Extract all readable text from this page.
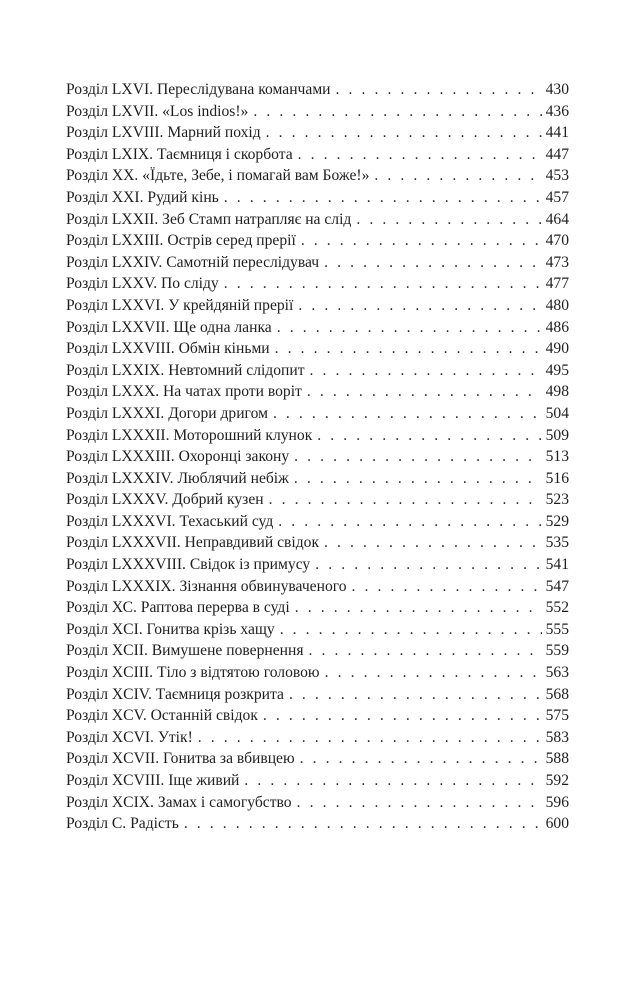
Розділ LXVI. Переслідувана команчами . . .	430
Розділ LXVII. «Los indios!» . . .	436
Розділ LXVIII. Марний похід . . .	441
Розділ LXIX. Таємниця і скорбота . . .	447
Розділ XX. «Їдьте, Зебе, і помагай вам Боже!» . . .	453
Розділ XXI. Рудий кінь . . .	457
Розділ LXXII. Зеб Стамп натрапляє на слід . . .	464
Розділ LXXIII. Острів серед прерії . . .	470
Розділ LXXIV. Самотній переслідувач . . .	473
Розділ LXXV. По сліду . . .	477
Розділ LXXVI. У крейдяній прерії . . .	480
Розділ LXXVII. Ще одна ланка . . .	486
Розділ LXXVIII. Обмін кіньми . . .	490
Розділ LXXIX. Невтомний слідопит . . .	495
Розділ LXXX. На чатах проти воріт . . .	498
Розділ LXXXI. Догори дригом . . .	504
Розділ LXXXII. Моторошний клунок . . .	509
Розділ LXXXIII. Охоронці закону . . .	513
Розділ LXXXIV. Люблячий небіж . . .	516
Розділ LXXXV. Добрий кузен . . .	523
Розділ LXXXVI. Техаський суд . . .	529
Розділ LXXXVII. Неправдивий свідок . . .	535
Розділ LXXXVIII. Свідок із примусу . . .	541
Розділ LXXXIX. Зізнання обвинуваченого . . .	547
Розділ ХС. Раптова перерва в суді . . .	552
Розділ XCI. Гонитва крізь хащу . . .	555
Розділ XCII. Вимушене повернення . . .	559
Розділ XCIII. Тіло з відтятою головою . . .	563
Розділ XCIV. Таємниця розкрита . . .	568
Розділ XCV. Останній свідок . . .	575
Розділ XCVI. Утік! . . .	583
Розділ XCVII. Гонитва за вбивцею . . .	588
Розділ XCVIII. Іще живий . . .	592
Розділ XCIX. Замах і самогубство . . .	596
Розділ С. Радість . . .	600
